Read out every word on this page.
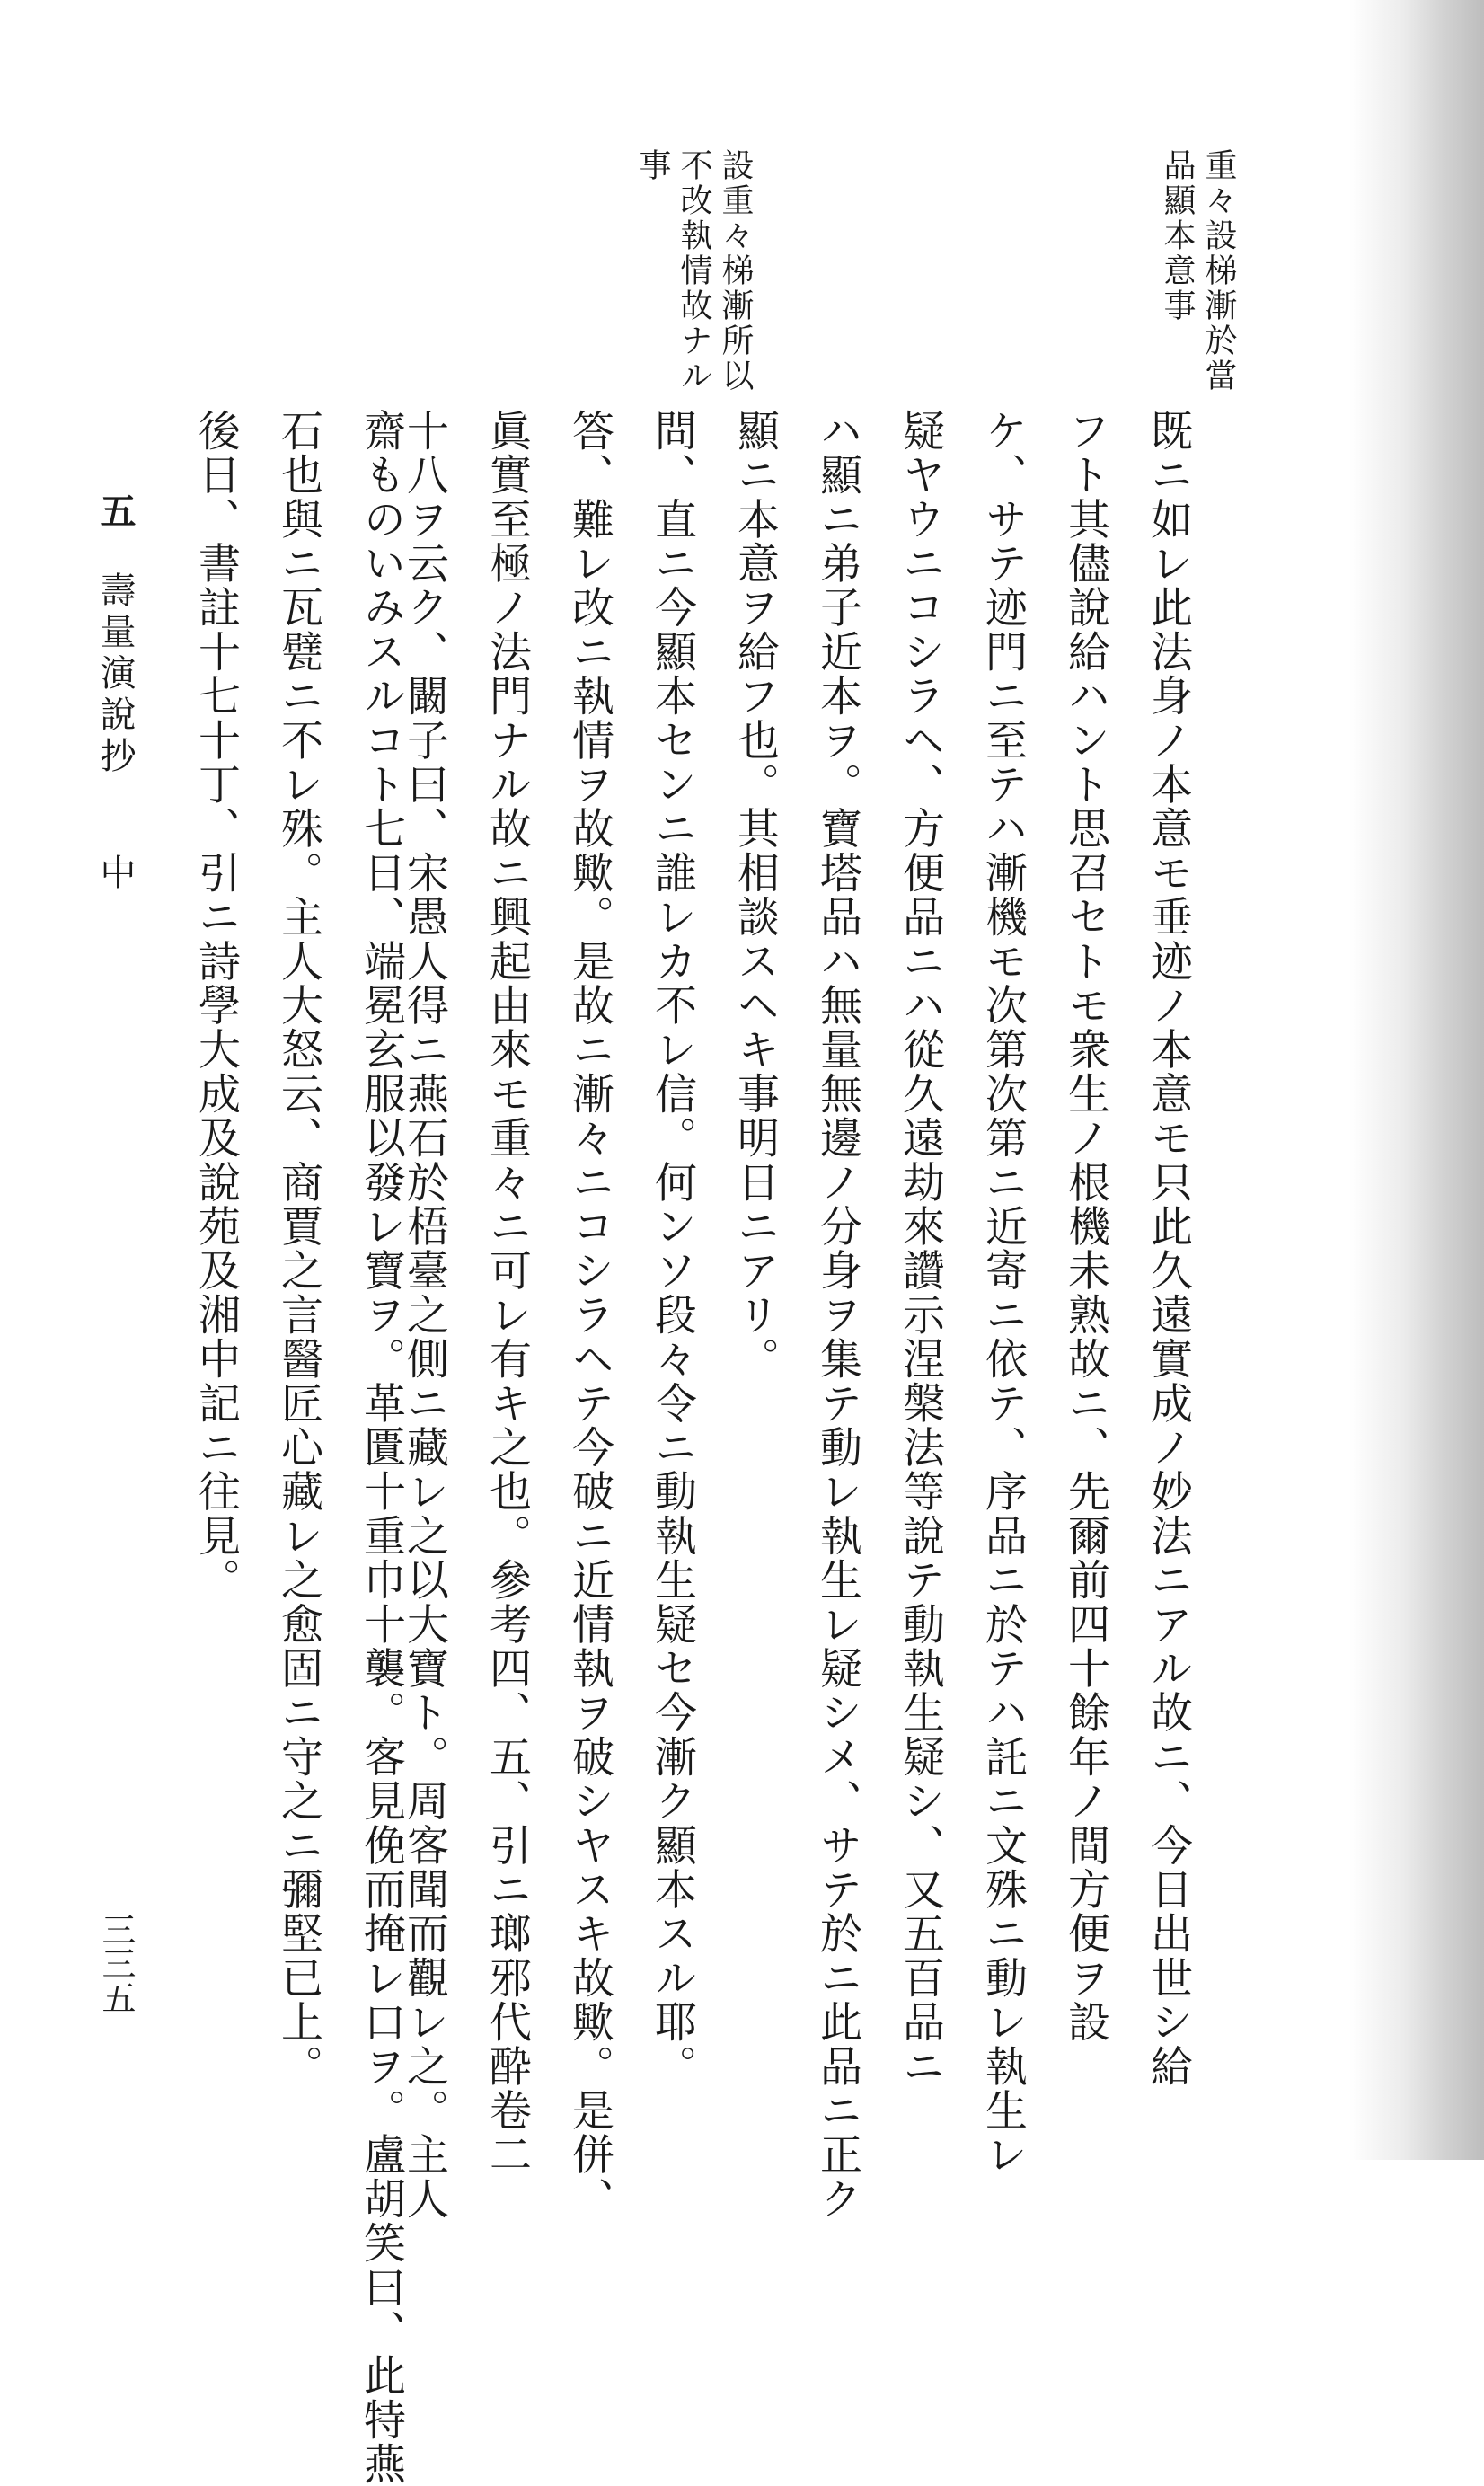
重々設梯漸於當
品顯本意事
設重々梯漸所以
不改執情故ナル
事
既ニ如レ此法身ノ本意モ垂迹ノ本意モ只此久遠實成ノ妙法ニアル故ニ、今日出世シ給
フト其儘說給ハント思召セトモ衆生ノ根機未熟故ニ、先爾前四十餘年ノ間方便ヲ設
ケ、サテ迹門ニ至テハ漸機モ次第次第ニ近寄ニ依テ、序品ニ於テハ託ニ文殊ニ動レ執生レ
疑ヤウニコシラヘ、方便品ニハ從久遠劫來讚示涅槃法等說テ動執生疑シ、又五百品ニ
ハ顯ニ弟子近本ヲ。寶塔品ハ無量無邊ノ分身ヲ集テ動レ執生レ疑シメ、サテ於ニ此品ニ正ク
顯ニ本意ヲ給フ也。其相談スヘキ事明日ニアリ。
問、直ニ今顯本センニ誰レカ不レ信。何ンソ段々令ニ動執生疑セ今漸ク顯本スル耶。
答、難レ改ニ執情ヲ故歟。是故ニ漸々ニコシラヘテ今破ニ近情執ヲ破シヤスキ故歟。是併、
眞實至極ノ法門ナル故ニ興起由來モ重々ニ可レ有キ之也。參考四、五、引ニ瑯邪代酔卷二
十八ヲ云ク、闞子曰、宋愚人得ニ燕石於梧臺之側ニ藏レ之以大寶ト。周客聞而觀レ之。主人
齋ものいみスルコト七日、端冕玄服以發レ寶ヲ。革匱十重巾十襲。客見俛而掩レ口ヲ。盧胡笑曰、此特燕
石也與ニ瓦甓ニ不レ殊。主人大怒云、商賈之言醫匠心藏レ之愈固ニ守之ニ彌堅已上。
後日、書註十七十丁、引ニ詩學大成及說苑及湘中記ニ往見。
五
壽量演說抄
中
三三五
